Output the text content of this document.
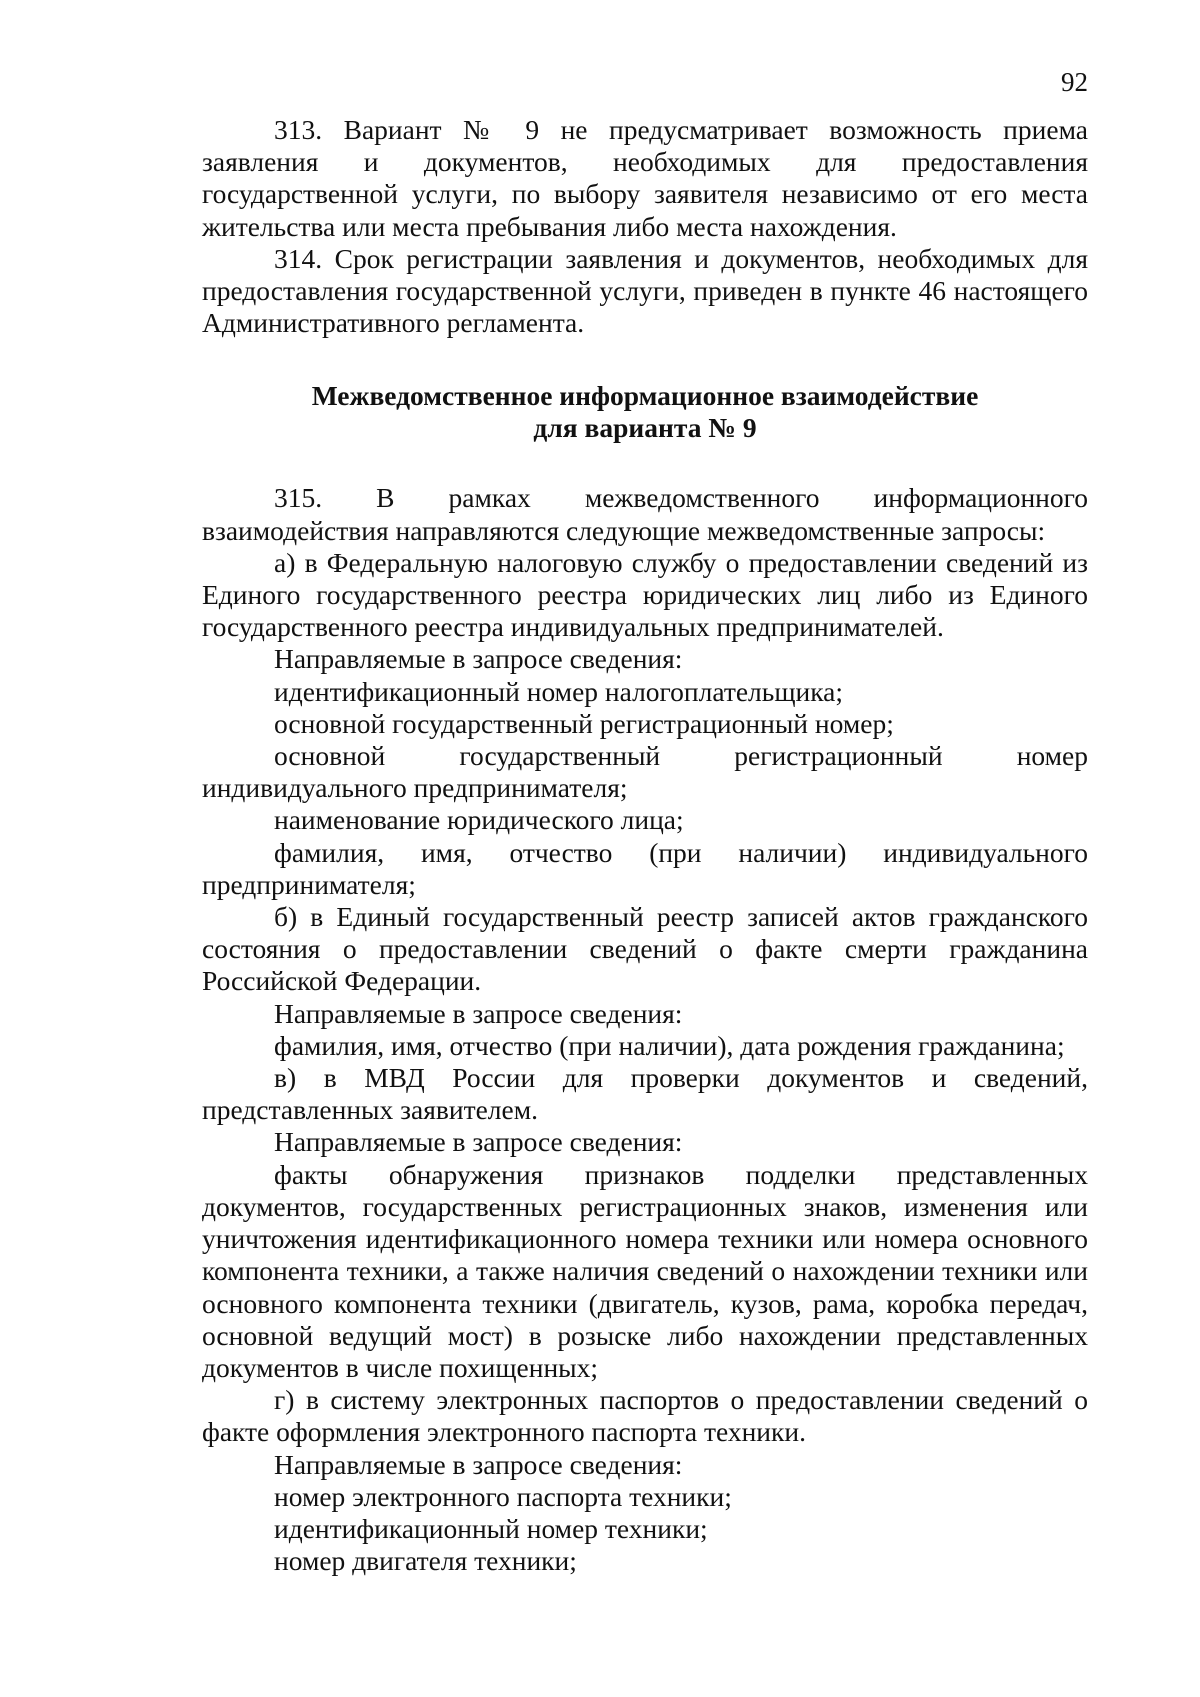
92

313. Вариант № 9 не предусматривает возможность приема заявления и документов, необходимых для предоставления государственной услуги, по выбору заявителя независимо от его места жительства или места пребывания либо места нахождения.

314. Срок регистрации заявления и документов, необходимых для предоставления государственной услуги, приведен в пункте 46 настоящего Административного регламента.

Межведомственное информационное взаимодействие
для варианта № 9

315. В рамках межведомственного информационного взаимодействия направляются следующие межведомственные запросы:

а) в Федеральную налоговую службу о предоставлении сведений из Единого государственного реестра юридических лиц либо из Единого государственного реестра индивидуальных предпринимателей.

Направляемые в запросе сведения:

идентификационный номер налогоплательщика;

основной государственный регистрационный номер;

основной государственный регистрационный номер индивидуального предпринимателя;

наименование юридического лица;

фамилия, имя, отчество (при наличии) индивидуального предпринимателя;

б) в Единый государственный реестр записей актов гражданского состояния о предоставлении сведений о факте смерти гражданина Российской Федерации.

Направляемые в запросе сведения:

фамилия, имя, отчество (при наличии), дата рождения гражданина;

в) в МВД России для проверки документов и сведений, представленных заявителем.

Направляемые в запросе сведения:

факты обнаружения признаков подделки представленных документов, государственных регистрационных знаков, изменения или уничтожения идентификационного номера техники или номера основного компонента техники, а также наличия сведений о нахождении техники или основного компонента техники (двигатель, кузов, рама, коробка передач, основной ведущий мост) в розыске либо нахождении представленных документов в числе похищенных;

г) в систему электронных паспортов о предоставлении сведений о факте оформления электронного паспорта техники.

Направляемые в запросе сведения:

номер электронного паспорта техники;

идентификационный номер техники;

номер двигателя техники;
